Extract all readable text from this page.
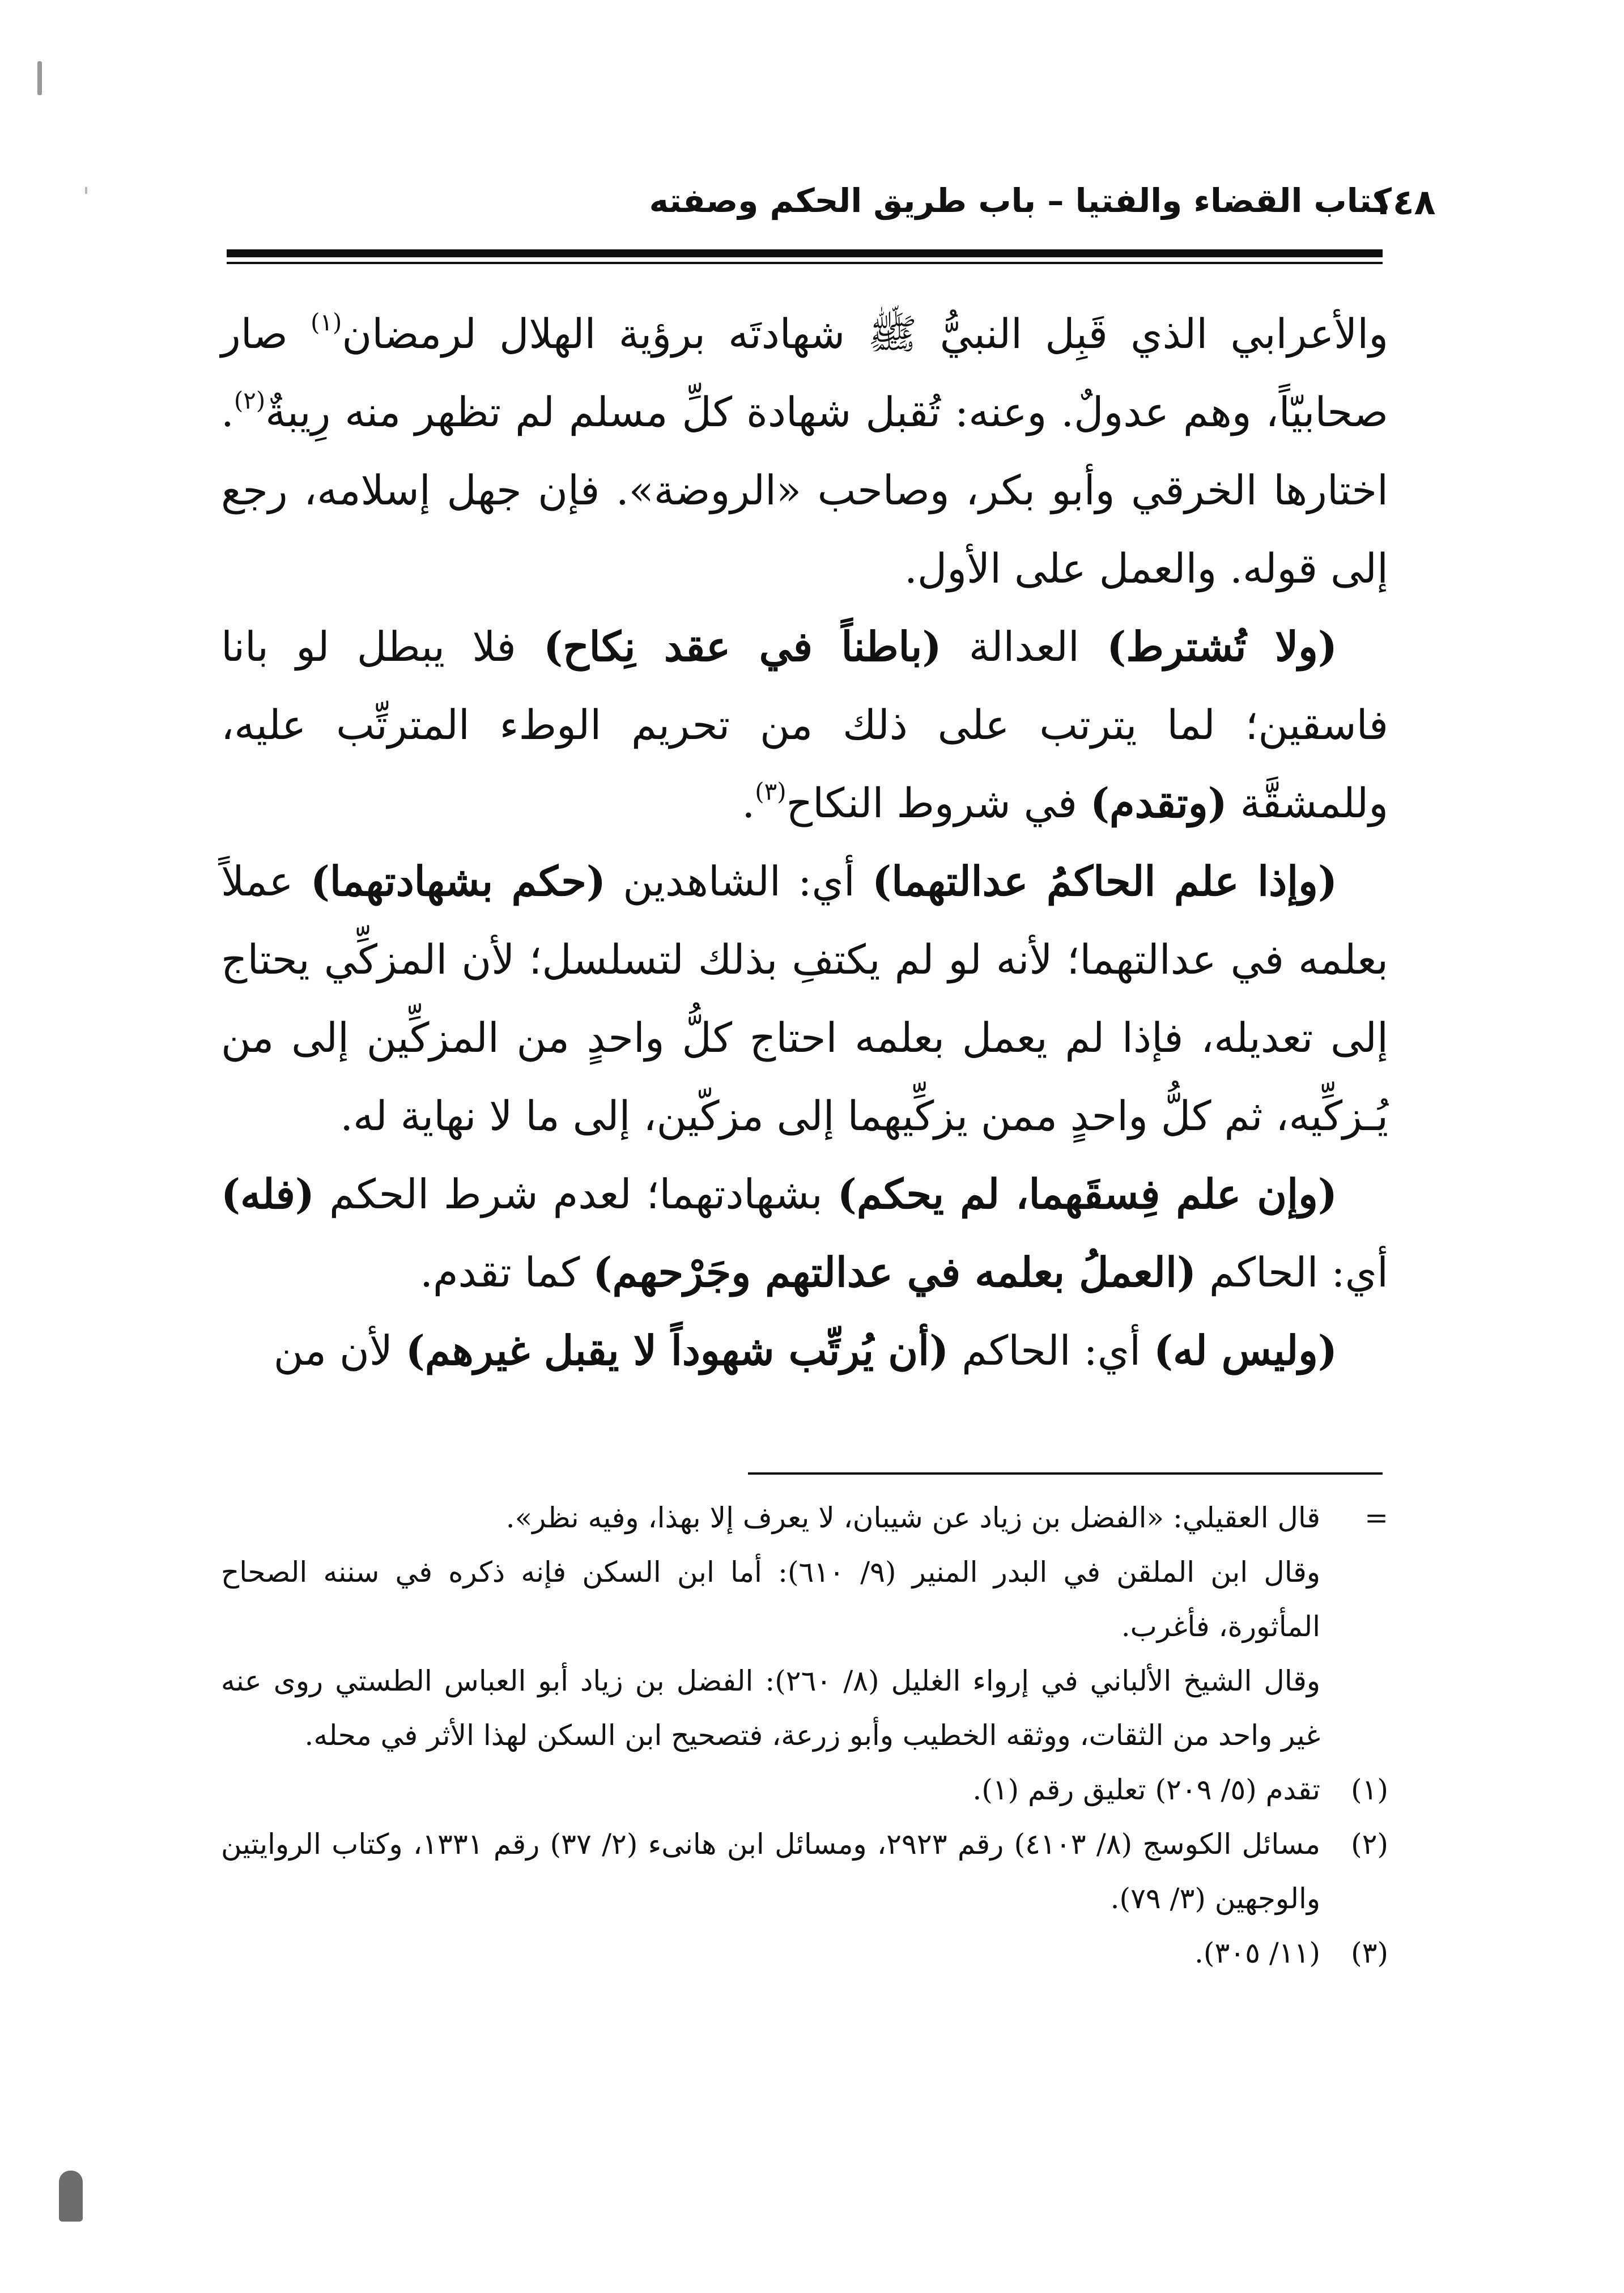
١٤٨
كتاب القضاء والفتيا – باب طريق الحكم وصفته

والأعرابي الذي قَبِل النبيُّ ﷺ شهادتَه برؤية الهلال لرمضان$^{(١)}$ صار صحابيّاً، وهم عدولٌ. وعنه: تُقبل شهادة كلِّ مسلم لم تظهر منه رِيبةٌ$^{(٢)}$. اختارها الخرقي وأبو بكر، وصاحب «الروضة». فإن جهل إسلامه، رجع إلى قوله. والعمل على الأول.

(ولا تُشترط) العدالة (باطناً في عقد نِكاح) فلا يبطل لو بانا فاسقين؛ لما يترتب على ذلك من تحريم الوطء المترتِّب عليه، وللمشقَّة (وتقدم) في شروط النكاح$^{(٣)}$.

(وإذا علم الحاكمُ عدالتهما) أي: الشاهدين (حكم بشهادتهما) عملاً بعلمه في عدالتهما؛ لأنه لو لم يكتفِ بذلك لتسلسل؛ لأن المزكِّي يحتاج إلى تعديله، فإذا لم يعمل بعلمه احتاج كلُّ واحدٍ من المزكِّين إلى من يُـزكِّيه، ثم كلُّ واحدٍ ممن يزكِّيهما إلى مزكّين، إلى ما لا نهاية له.

(وإن علم فِسقَهما، لم يحكم) بشهادتهما؛ لعدم شرط الحكم (فله) أي: الحاكم (العملُ بعلمه في عدالتهم وجَرْحهم) كما تقدم.

(وليس له) أي: الحاكم (أن يُرتِّب شهوداً لا يقبل غيرهم) لأن من

=
قال العقيلي: «الفضل بن زياد عن شيبان، لا يعرف إلا بهذا، وفيه نظر».
وقال ابن الملقن في البدر المنير (٩/ ٦١٠): أما ابن السكن فإنه ذكره في سننه الصحاح المأثورة، فأغرب.
وقال الشيخ الألباني في إرواء الغليل (٨/ ٢٦٠): الفضل بن زياد أبو العباس الطستي روى عنه غير واحد من الثقات، ووثقه الخطيب وأبو زرعة، فتصحيح ابن السكن لهذا الأثر في محله.
(١)
تقدم (٥/ ٢٠٩) تعليق رقم (١).
(٢)
مسائل الكوسج (٨/ ٤١٠٣) رقم ٢٩٢٣، ومسائل ابن هانىء (٢/ ٣٧) رقم ١٣٣١، وكتاب الروايتين والوجهين (٣/ ٧٩).
(٣)
(١١/ ٣٠٥).
